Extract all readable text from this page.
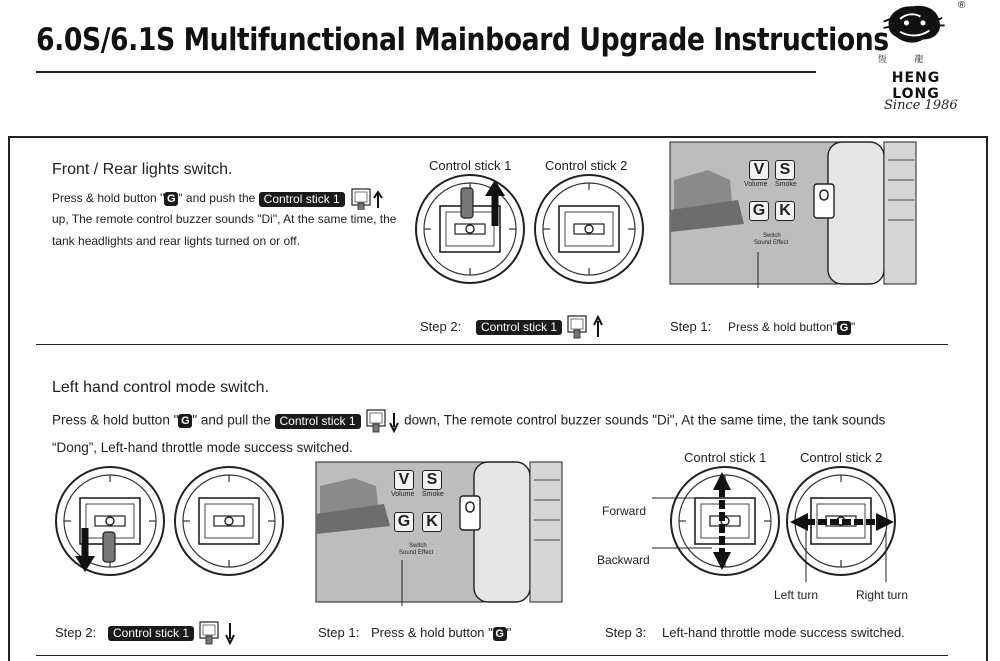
6.0S/6.1S Multifunctional Mainboard Upgrade Instructions
恆           龍
®
HENG LONG
Since 1986
Front / Rear lights switch.
Press & hold button " G " and push the Control stick 1
up, The remote control buzzer sounds "Di", At the same time, the
tank headlights and rear lights turned on or off.
Control stick 1	Control stick 2	V S
Volume Smoke
G K
Switch
Sound Effect
Step 2:	Control stick 1	Step 1: Press & hold button" G "
Left hand control mode switch.
Press & hold button " G " and pull the Control stick 1	down, The remote control buzzer sounds "Di", At the same time, the tank sounds
“Dong”, Left-hand throttle mode success switched.
V S
Volume Smoke
G K
Switch
Sound Effect
Control stick 1	Control stick 2
Forward
Backward
Left turn	Right turn
Step 2:	Control stick 1	Step 1: Press & hold button " G "	Step 3: Left-hand throttle mode success switched.
